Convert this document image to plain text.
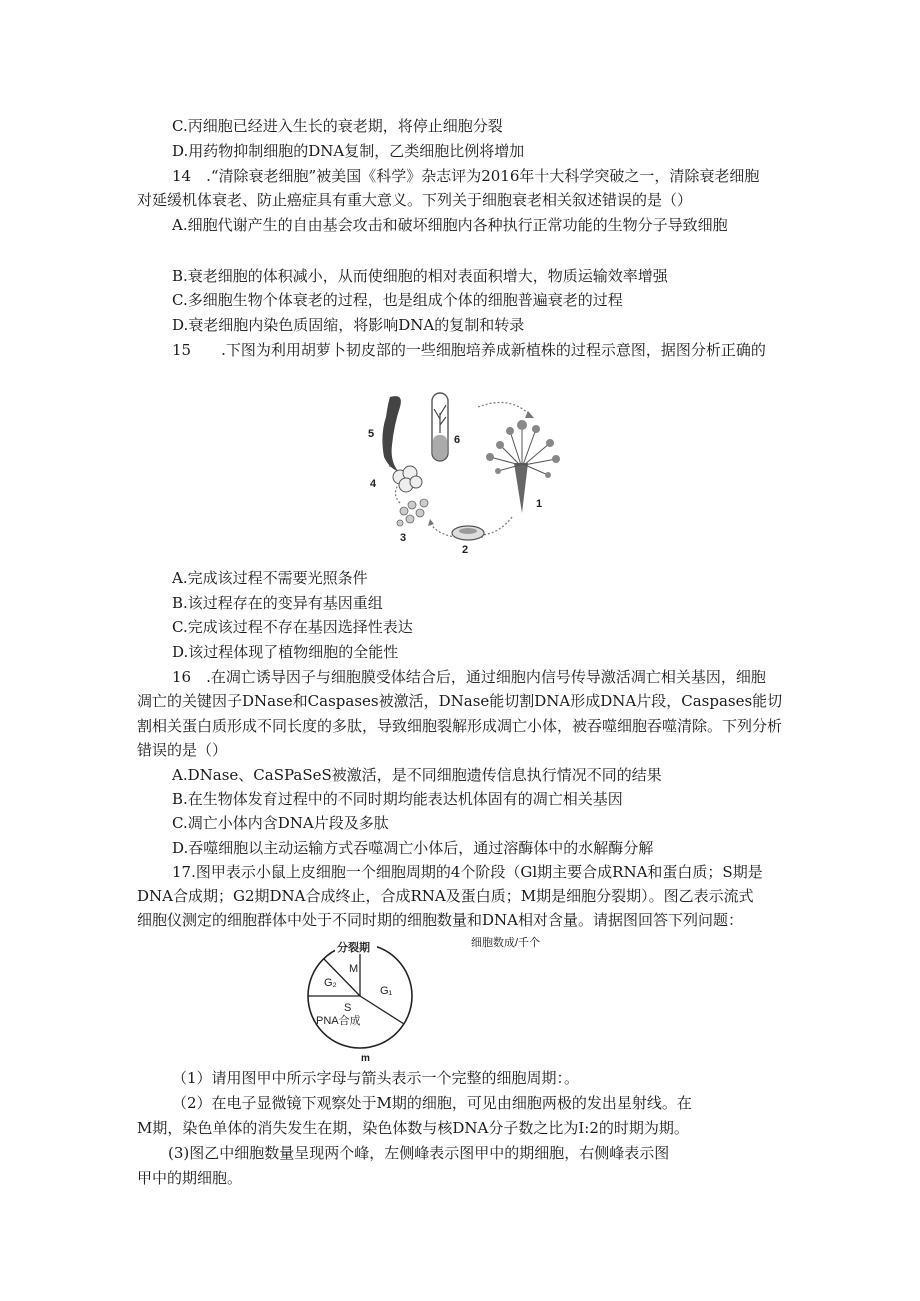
C.丙细胞已经进入生长的衰老期，将停止细胞分裂
D.用药物抑制细胞的DNA复制，乙类细胞比例将增加
14　.“清除衰老细胞”被美国《科学》杂志评为2016年十大科学突破之一，清除衰老细胞
对延缓机体衰老、防止癌症具有重大意义。下列关于细胞衰老相关叙述错误的是（）
A.细胞代谢产生的自由基会攻击和破坏细胞内各种执行正常功能的生物分子导致细胞
B.衰老细胞的体积减小，从而使细胞的相对表面积增大，物质运输效率增强
C.多细胞生物个体衰老的过程，也是组成个体的细胞普遍衰老的过程
D.衰老细胞内染色质固缩，将影响DNA的复制和转录
15　　.下图为利用胡萝卜韧皮部的一些细胞培养成新植株的过程示意图，据图分析正确的
5	6
1
2
3
4
A.完成该过程不需要光照条件
B.该过程存在的变异有基因重组
C.完成该过程不存在基因选择性表达
D.该过程体现了植物细胞的全能性
16　.在凋亡诱导因子与细胞膜受体结合后，通过细胞内信号传导激活凋亡相关基因，细胞
凋亡的关键因子DNase和Caspases被激活，DNase能切割DNA形成DNA片段，Caspases能切
割相关蛋白质形成不同长度的多肽，导致细胞裂解形成凋亡小体，被吞噬细胞吞噬清除。下列分析
错误的是（）
A.DNase、CaSPaSeS被激活，是不同细胞遗传信息执行情况不同的结果
B.在生物体发育过程中的不同时期均能表达机体固有的凋亡相关基因
C.凋亡小体内含DNA片段及多肽
D.吞噬细胞以主动运输方式吞噬凋亡小体后，通过溶酶体中的水解酶分解
17.图甲表示小鼠上皮细胞一个细胞周期的4个阶段（Gl期主要合成RNA和蛋白质；S期是
DNA合成期；G2期DNA合成终止，合成RNA及蛋白质；M期是细胞分裂期）。图乙表示流式
细胞仪测定的细胞群体中处于不同时期的细胞数量和DNA相对含量。请据图回答下列问题：
分裂期
M
G₂
G₁
S
PNA合成
细胞数成/千个
m
（1）请用图甲中所示字母与箭头表示一个完整的细胞周期：。
（2）在电子显微镜下观察处于M期的细胞，可见由细胞两极的发出星射线。在
M期，染色单体的消失发生在期，染色体数与核DNA分子数之比为I:2的时期为期。
(3)图乙中细胞数量呈现两个峰，左侧峰表示图甲中的期细胞，右侧峰表示图
甲中的期细胞。
